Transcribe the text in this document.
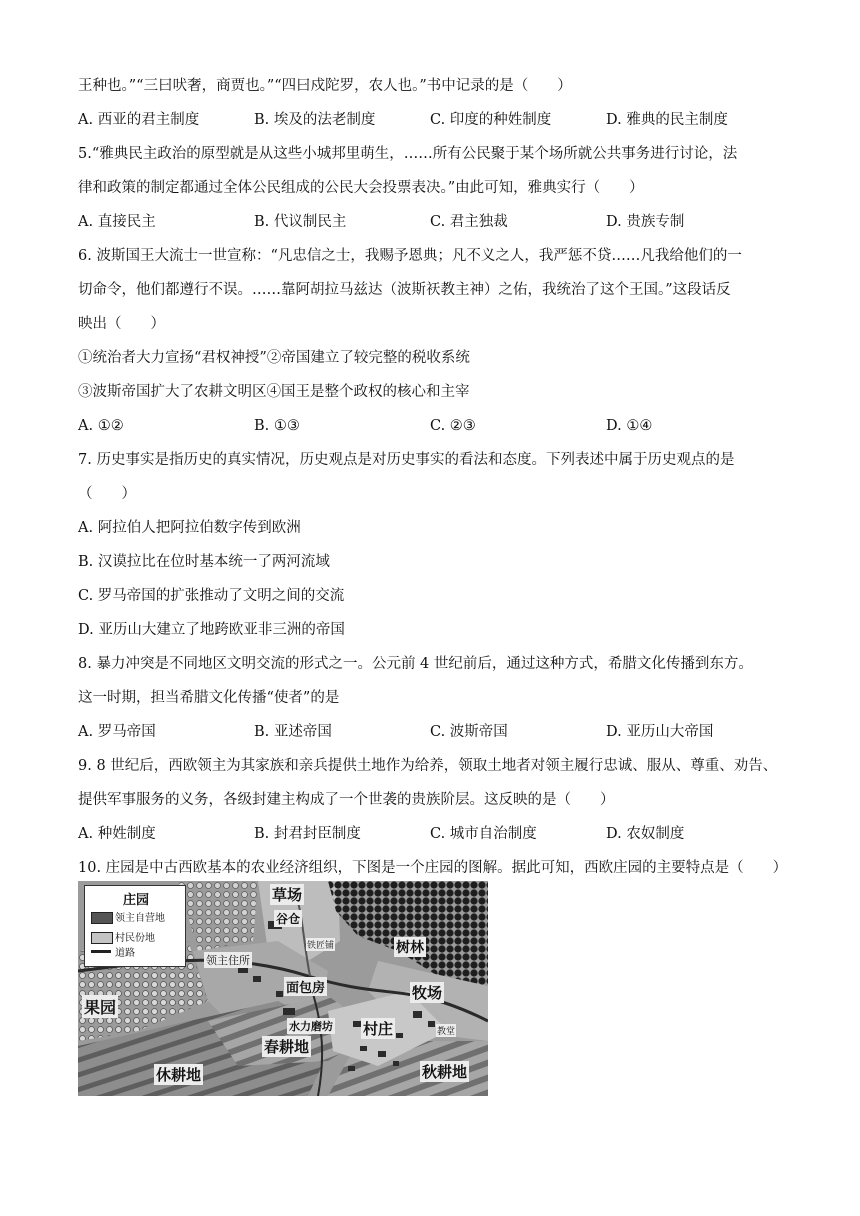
王种也。”“三曰吠奢，商贾也。”“四曰戍陀罗，农人也。”书中记录的是（　　）
A. 西亚的君主制度	B. 埃及的法老制度	C. 印度的种姓制度	D. 雅典的民主制度
5.“雅典民主政治的原型就是从这些小城邦里萌生，……所有公民聚于某个场所就公共事务进行讨论，法
律和政策的制定都通过全体公民组成的公民大会投票表决。”由此可知，雅典实行（　　）
A. 直接民主	B. 代议制民主	C. 君主独裁	D. 贵族专制
6. 波斯国王大流士一世宣称：“凡忠信之士，我赐予恩典；凡不义之人，我严惩不贷……凡我给他们的一
切命令，他们都遵行不误。……靠阿胡拉马兹达（波斯祆教主神）之佑，我统治了这个王国。”这段话反
映出（　　）
①统治者大力宣扬“君权神授”②帝国建立了较完整的税收系统
③波斯帝国扩大了农耕文明区④国王是整个政权的核心和主宰
A. ①②	B. ①③	C. ②③	D. ①④
7. 历史事实是指历史的真实情况，历史观点是对历史事实的看法和态度。下列表述中属于历史观点的是
（　　）
A. 阿拉伯人把阿拉伯数字传到欧洲
B. 汉谟拉比在位时基本统一了两河流域
C. 罗马帝国的扩张推动了文明之间的交流
D. 亚历山大建立了地跨欧亚非三洲的帝国
8. 暴力冲突是不同地区文明交流的形式之一。公元前 4 世纪前后，通过这种方式，希腊文化传播到东方。
这一时期，担当希腊文化传播“使者”的是
A. 罗马帝国	B. 亚述帝国	C. 波斯帝国	D. 亚历山大帝国
9. 8 世纪后，西欧领主为其家族和亲兵提供土地作为给养，领取土地者对领主履行忠诚、服从、尊重、劝告、
提供军事服务的义务，各级封建主构成了一个世袭的贵族阶层。这反映的是（　　）
A. 种姓制度	B. 封君封臣制度	C. 城市自治制度	D. 农奴制度
10. 庄园是中古西欧基本的农业经济组织，下图是一个庄园的图解。据此可知，西欧庄园的主要特点是（　　）
庄园
领主自营地
村民份地
道路
草场
谷仓
铁匠铺	树林
领主住所
面包房
果园
牧场
水力磨坊 村庄	教堂
春耕地
休耕地	秋耕地
